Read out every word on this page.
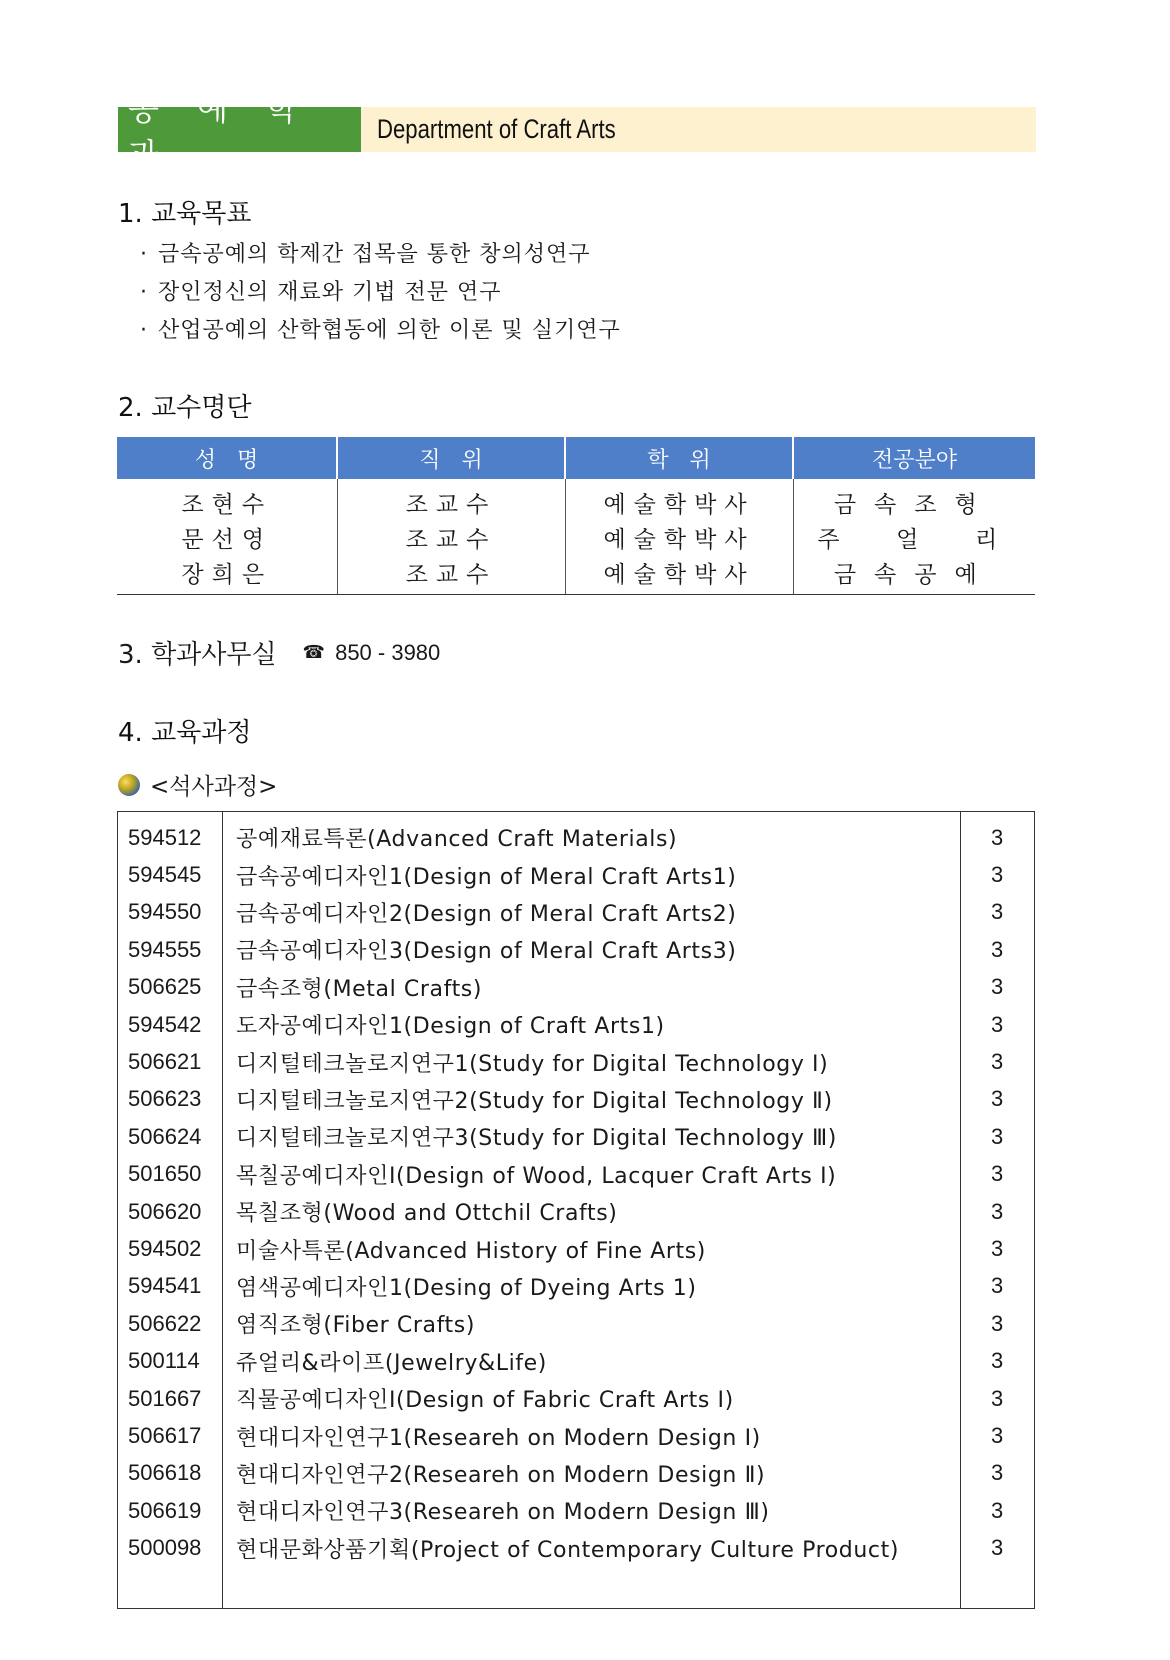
공 예 학 과
Department of Craft Arts
1. 교육목표
· 금속공예의 학제간 접목을 통한 창의성연구
· 장인정신의 재료와 기법 전문 연구
· 산업공예의 산학협동에 의한 이론 및 실기연구
2. 교수명단
성   명	직   위	학   위	전공분야
조현수	조교수	예술학박사	금속조형
문선영	조교수	예술학박사	주  얼  리
장희은	조교수	예술학박사	금속공예
3. 학과사무실 ☎ 850 - 3980
4. 교육과정
<석사과정>
594512 공예재료특론(Advanced Craft Materials)	3
594545 금속공예디자인1(Design of Meral Craft Arts1)	3
594550 금속공예디자인2(Design of Meral Craft Arts2)	3
594555 금속공예디자인3(Design of Meral Craft Arts3)	3
506625 금속조형(Metal Crafts)	3
594542 도자공예디자인1(Design of Craft Arts1)	3
506621 디지털테크놀로지연구1(Study for Digital Technology Ⅰ)	3
506623 디지털테크놀로지연구2(Study for Digital Technology Ⅱ)	3
506624 디지털테크놀로지연구3(Study for Digital Technology Ⅲ)	3
501650 목칠공예디자인Ⅰ(Design of Wood, Lacquer Craft Arts Ⅰ)	3
506620 목칠조형(Wood and Ottchil Crafts)	3
594502 미술사특론(Advanced History of Fine Arts)	3
594541 염색공예디자인1(Desing of Dyeing Arts 1)	3
506622 염직조형(Fiber Crafts)	3
500114 쥬얼리&라이프(Jewelry&Life)	3
501667 직물공예디자인Ⅰ(Design of Fabric Craft Arts Ⅰ)	3
506617 현대디자인연구1(Researeh on Modern Design Ⅰ)	3
506618 현대디자인연구2(Researeh on Modern Design Ⅱ)	3
506619 현대디자인연구3(Researeh on Modern Design Ⅲ)	3
500098 현대문화상품기획(Project of Contemporary Culture Product)	3
